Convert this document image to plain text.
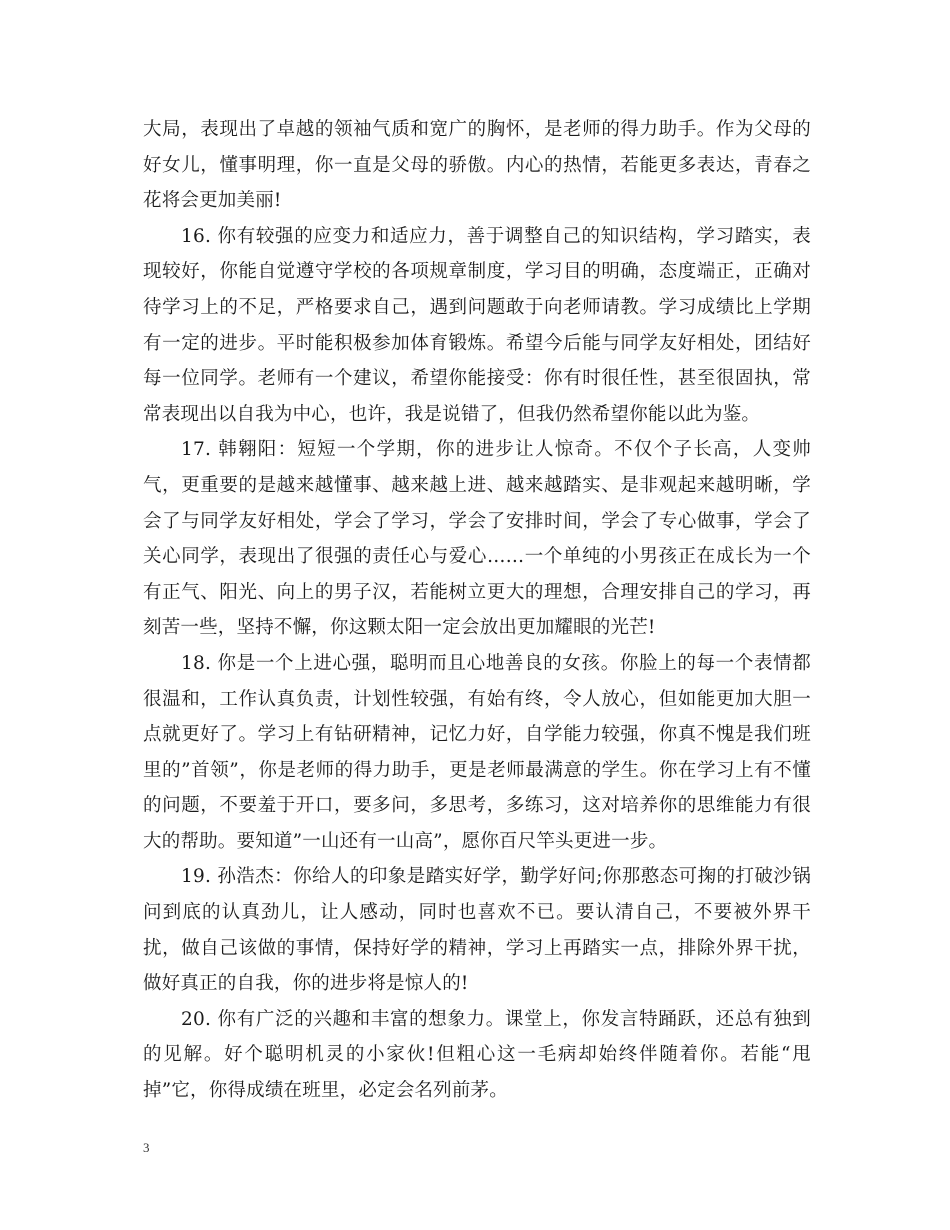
大局，表现出了卓越的领袖气质和宽广的胸怀，是老师的得力助手。作为父母的好女儿，懂事明理，你一直是父母的骄傲。内心的热情，若能更多表达，青春之花将会更加美丽!

16. 你有较强的应变力和适应力，善于调整自己的知识结构，学习踏实，表现较好，你能自觉遵守学校的各项规章制度，学习目的明确，态度端正，正确对待学习上的不足，严格要求自己，遇到问题敢于向老师请教。学习成绩比上学期有一定的进步。平时能积极参加体育锻炼。希望今后能与同学友好相处，团结好每一位同学。老师有一个建议，希望你能接受：你有时很任性，甚至很固执，常常表现出以自我为中心，也许，我是说错了，但我仍然希望你能以此为鉴。

17. 韩翱阳：短短一个学期，你的进步让人惊奇。不仅个子长高，人变帅气，更重要的是越来越懂事、越来越上进、越来越踏实、是非观起来越明晰，学会了与同学友好相处，学会了学习，学会了安排时间，学会了专心做事，学会了关心同学，表现出了很强的责任心与爱心……一个单纯的小男孩正在成长为一个有正气、阳光、向上的男子汉，若能树立更大的理想，合理安排自己的学习，再刻苦一些，坚持不懈，你这颗太阳一定会放出更加耀眼的光芒!

18. 你是一个上进心强，聪明而且心地善良的女孩。你脸上的每一个表情都很温和，工作认真负责，计划性较强，有始有终，令人放心，但如能更加大胆一点就更好了。学习上有钻研精神，记忆力好，自学能力较强，你真不愧是我们班里的”首领”，你是老师的得力助手，更是老师最满意的学生。你在学习上有不懂的问题，不要羞于开口，要多问，多思考，多练习，这对培养你的思维能力有很大的帮助。要知道”一山还有一山高”，愿你百尺竿头更进一步。

19. 孙浩杰：你给人的印象是踏实好学，勤学好问;你那憨态可掬的打破沙锅问到底的认真劲儿，让人感动，同时也喜欢不已。要认清自己，不要被外界干扰，做自己该做的事情，保持好学的精神，学习上再踏实一点，排除外界干扰，做好真正的自我，你的进步将是惊人的!

20. 你有广泛的兴趣和丰富的想象力。课堂上，你发言特踊跃，还总有独到的见解。好个聪明机灵的小家伙!但粗心这一毛病却始终伴随着你。若能“甩掉”它，你得成绩在班里，必定会名列前茅。

3
